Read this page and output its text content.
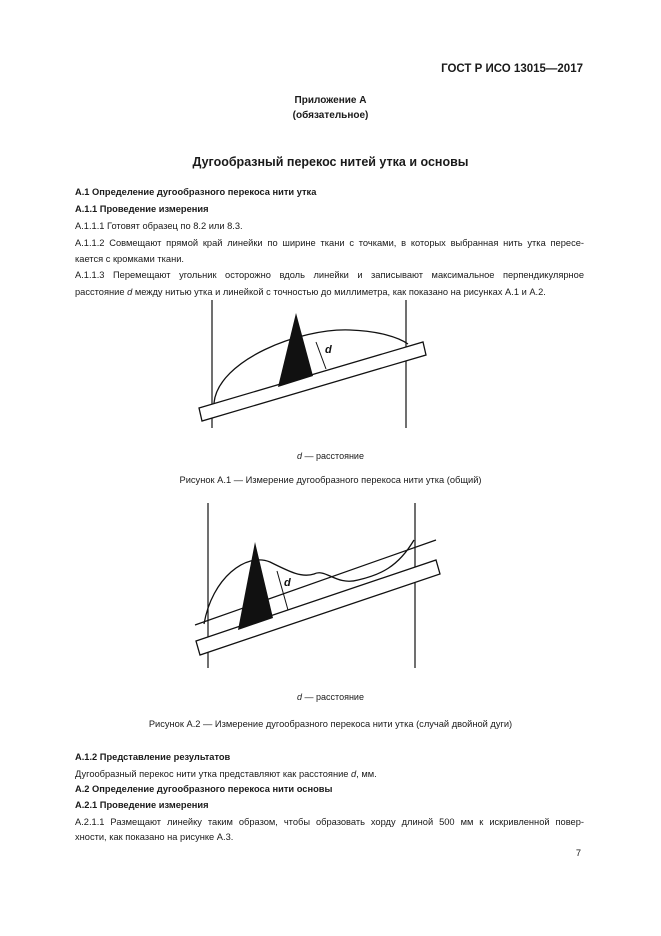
ГОСТ Р ИСО 13015—2017
Приложение А
(обязательное)
Дугообразный перекос нитей утка и основы
А.1 Определение дугообразного перекоса нити утка
А.1.1 Проведение измерения
А.1.1.1 Готовят образец по 8.2 или 8.3.
А.1.1.2 Совмещают прямой край линейки по ширине ткани с точками, в которых выбранная нить утка пересе-
кается с кромками ткани.
А.1.1.3 Перемещают угольник осторожно вдоль линейки и записывают максимальное перпендикулярное
расстояние d между нитью утка и линейкой с точностью до миллиметра, как показано на рисунках А.1 и А.2.
d
d — расстояние
Рисунок А.1 — Измерение дугообразного перекоса нити утка (общий)
d
d — расстояние
Рисунок А.2 — Измерение дугообразного перекоса нити утка (случай двойной дуги)
А.1.2 Представление результатов
Дугообразный перекос нити утка представляют как расстояние d, мм.
А.2 Определение дугообразного перекоса нити основы
А.2.1 Проведение измерения
А.2.1.1 Размещают линейку таким образом, чтобы образовать хорду длиной 500 мм к искривленной повер-
хности, как показано на рисунке А.3.
7
